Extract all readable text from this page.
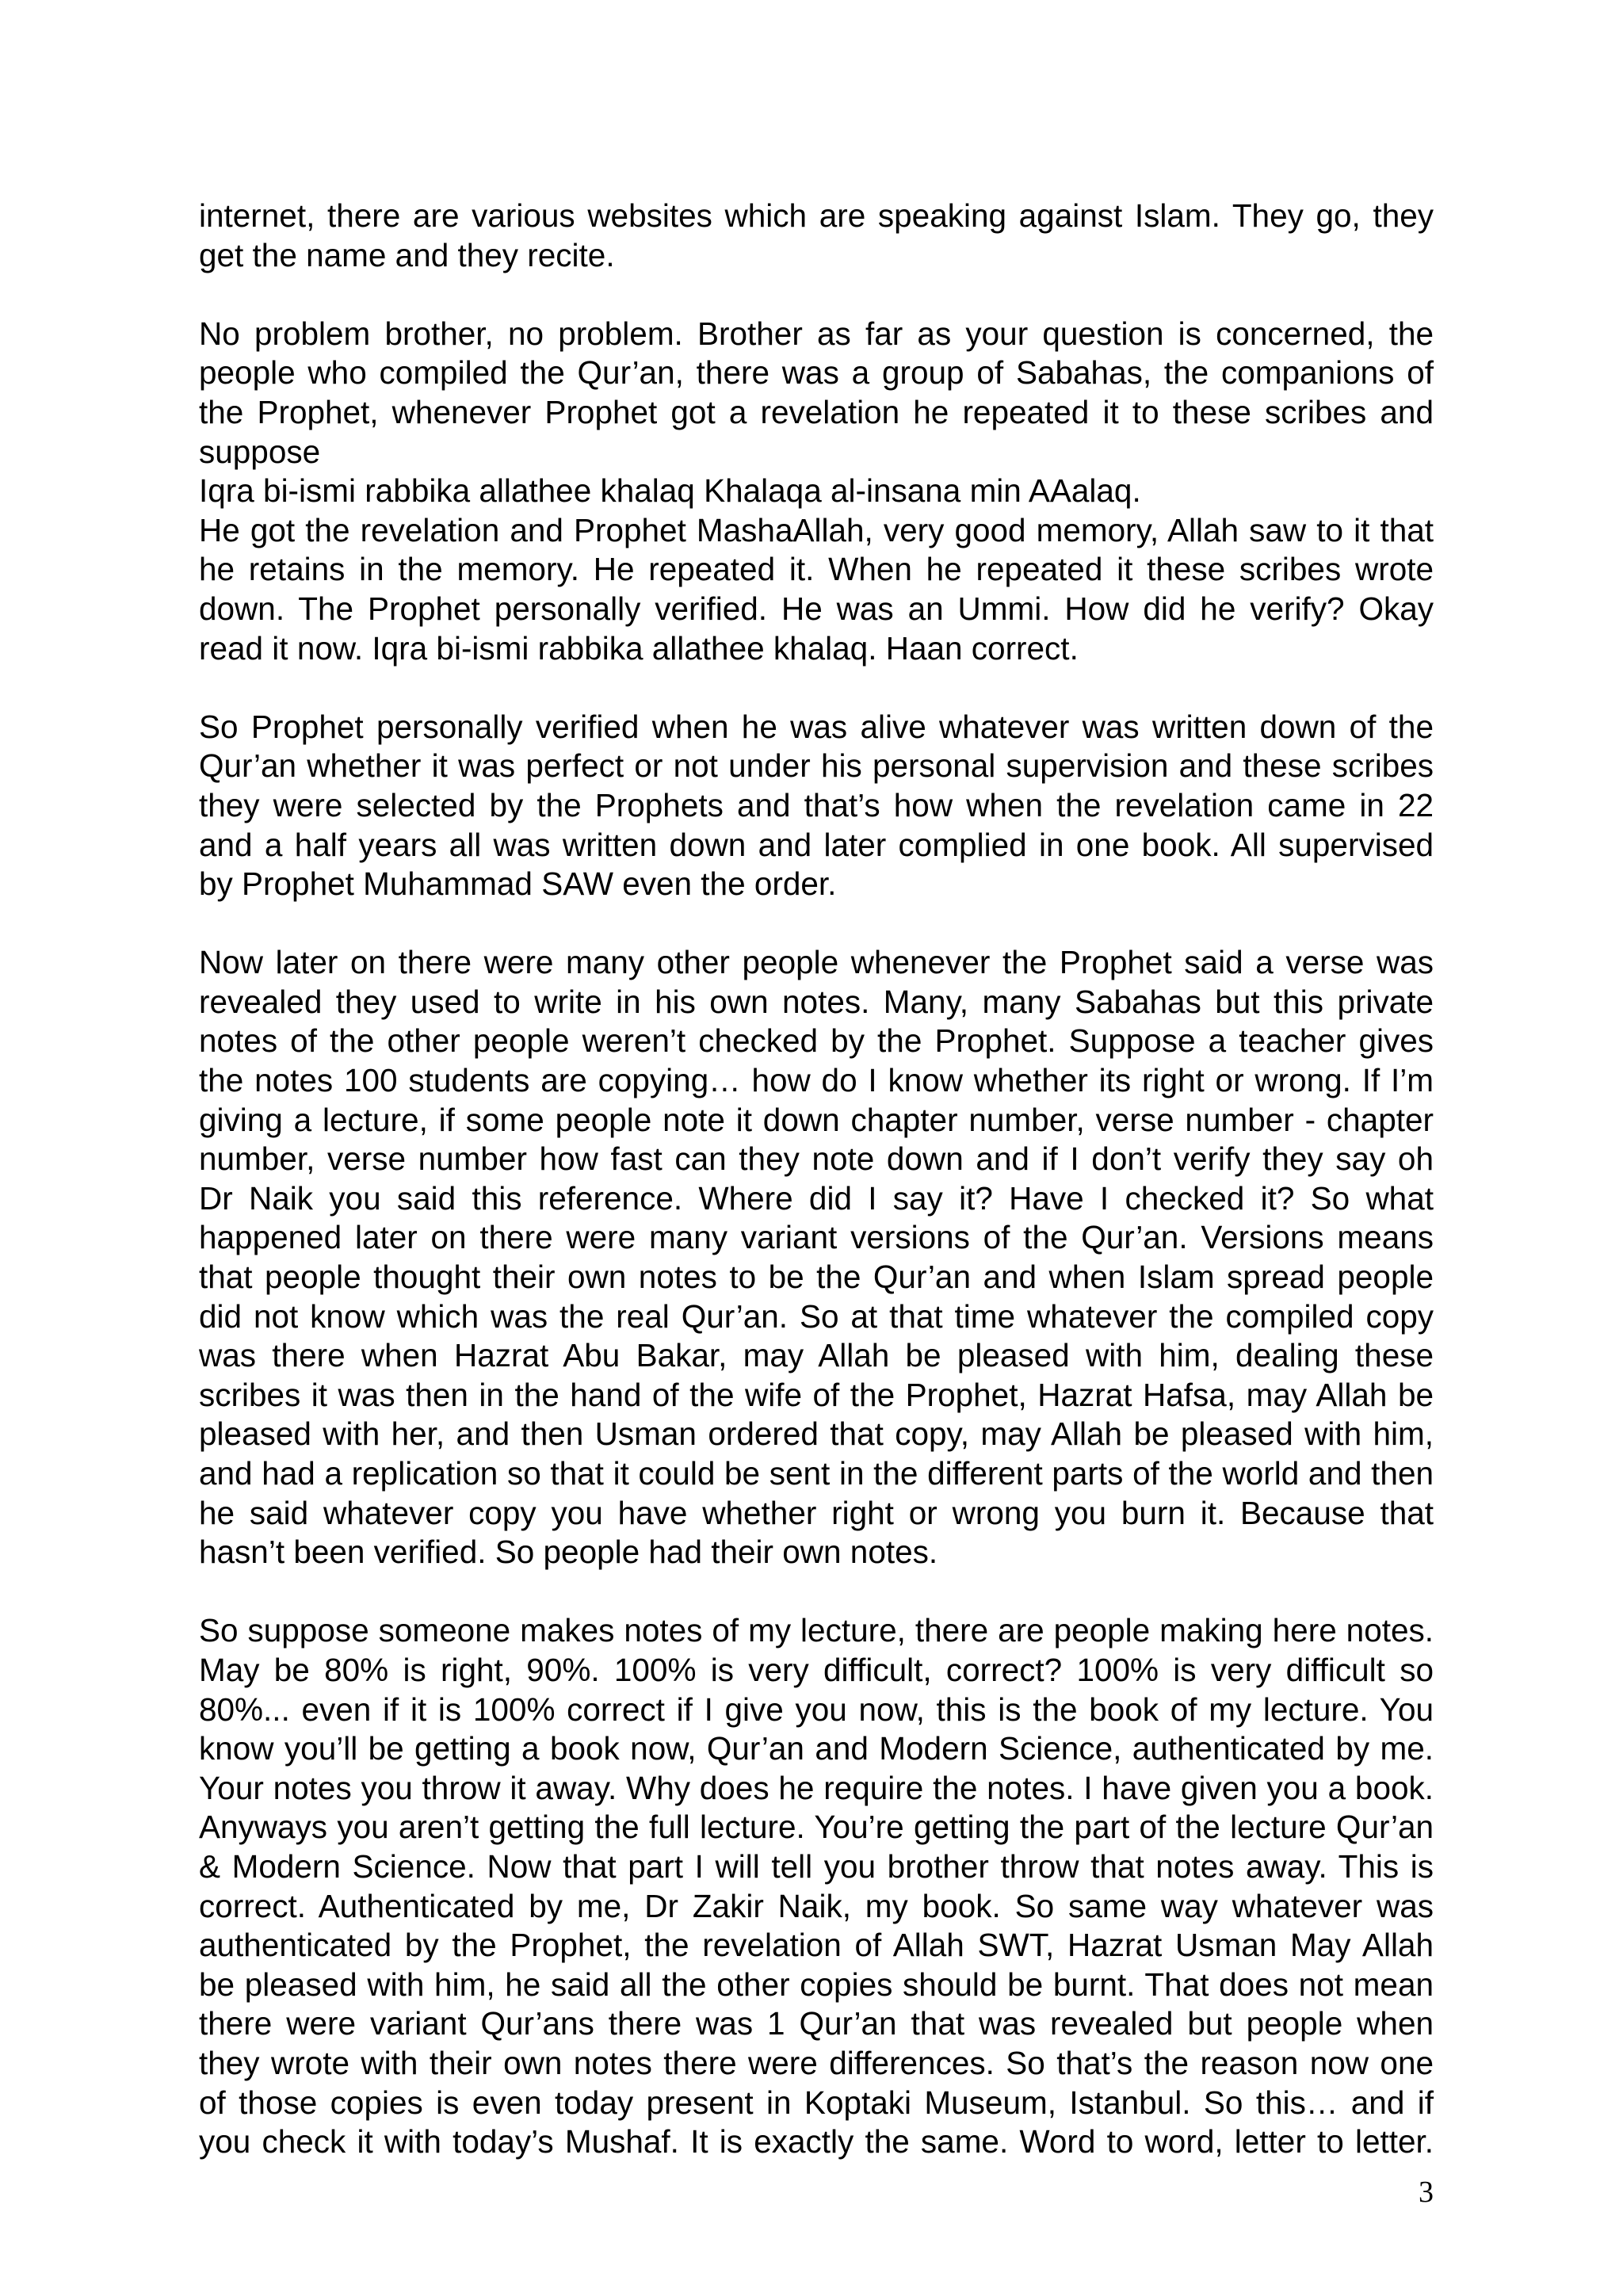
internet, there are various websites which are speaking against Islam. They go, they
get the name and they recite.
No problem brother, no problem. Brother as far as your question is concerned, the
people who compiled the Qur’an, there was a group of Sabahas, the companions of
the Prophet, whenever Prophet got a revelation he repeated it to these scribes and
suppose
Iqra bi-ismi rabbika allathee khalaq Khalaqa al-insana min AAalaq.
He got the revelation and Prophet MashaAllah, very good memory, Allah saw to it that
he retains in the memory. He repeated it. When he repeated it these scribes wrote
down. The Prophet personally verified. He was an Ummi. How did he verify? Okay
read it now. Iqra bi-ismi rabbika allathee khalaq. Haan correct.
So Prophet personally verified when he was alive whatever was written down of the
Qur’an whether it was perfect or not under his personal supervision and these scribes
they were selected by the Prophets and that’s how when the revelation came in 22
and a half years all was written down and later complied in one book. All supervised
by Prophet Muhammad SAW even the order.
Now later on there were many other people whenever the Prophet said a verse was
revealed they used to write in his own notes. Many, many Sabahas but this private
notes of the other people weren’t checked by the Prophet. Suppose a teacher gives
the notes 100 students are copying… how do I know whether its right or wrong. If I’m
giving a lecture, if some people note it down chapter number, verse number - chapter
number, verse number how fast can they note down and if I don’t verify they say oh
Dr Naik you said this reference. Where did I say it? Have I checked it? So what
happened later on there were many variant versions of the Qur’an. Versions means
that people thought their own notes to be the Qur’an and when Islam spread people
did not know which was the real Qur’an. So at that time whatever the compiled copy
was there when Hazrat Abu Bakar, may Allah be pleased with him, dealing these
scribes it was then in the hand of the wife of the Prophet, Hazrat Hafsa, may Allah be
pleased with her, and then Usman ordered that copy, may Allah be pleased with him,
and had a replication so that it could be sent in the different parts of the world and then
he said whatever copy you have whether right or wrong you burn it. Because that
hasn’t been verified. So people had their own notes.
So suppose someone makes notes of my lecture, there are people making here notes.
May be 80% is right, 90%. 100% is very difficult, correct? 100% is very difficult so
80%... even if it is 100% correct if I give you now, this is the book of my lecture. You
know you’ll be getting a book now, Qur’an and Modern Science, authenticated by me.
Your notes you throw it away. Why does he require the notes. I have given you a book.
Anyways you aren’t getting the full lecture. You’re getting the part of the lecture Qur’an
& Modern Science. Now that part I will tell you brother throw that notes away. This is
correct. Authenticated by me, Dr Zakir Naik, my book. So same way whatever was
authenticated by the Prophet, the revelation of Allah SWT, Hazrat Usman May Allah
be pleased with him, he said all the other copies should be burnt. That does not mean
there were variant Qur’ans there was 1 Qur’an that was revealed but people when
they wrote with their own notes there were differences. So that’s the reason now one
of those copies is even today present in Koptaki Museum, Istanbul. So this… and if
you check it with today’s Mushaf. It is exactly the same. Word to word, letter to letter.
3
